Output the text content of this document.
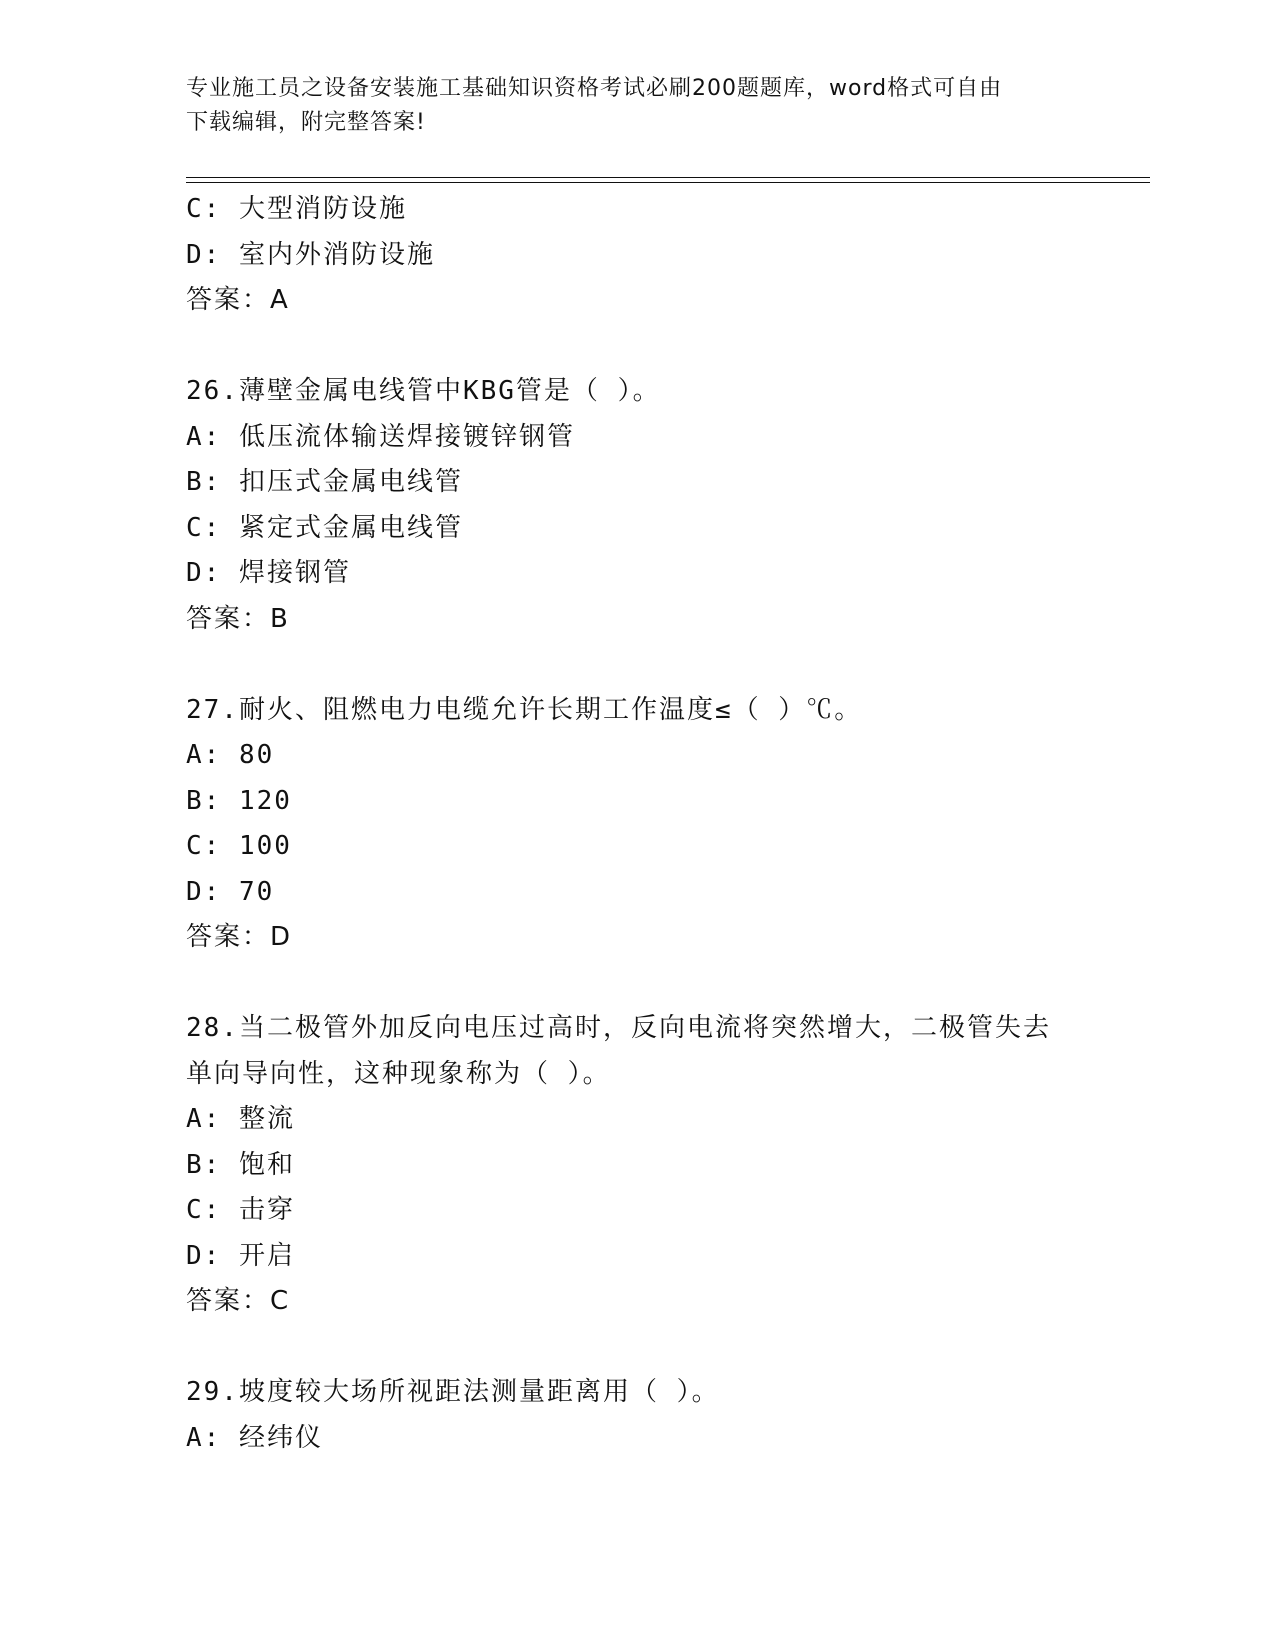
专业施工员之设备安装施工基础知识资格考试必刷200题题库，word格式可自由
下载编辑，附完整答案!
C: 大型消防设施
D: 室内外消防设施
答案：A
26.薄壁金属电线管中KBG管是（ ）。
A: 低压流体输送焊接镀锌钢管
B: 扣压式金属电线管
C: 紧定式金属电线管
D: 焊接钢管
答案：B
27.耐火、阻燃电力电缆允许长期工作温度≤（ ）℃。
A: 80
B: 120
C: 100
D: 70
答案：D
28.当二极管外加反向电压过高时，反向电流将突然增大，二极管失去
单向导向性，这种现象称为（ ）。
A: 整流
B: 饱和
C: 击穿
D: 开启
答案：C
29.坡度较大场所视距法测量距离用（ ）。
A: 经纬仪
